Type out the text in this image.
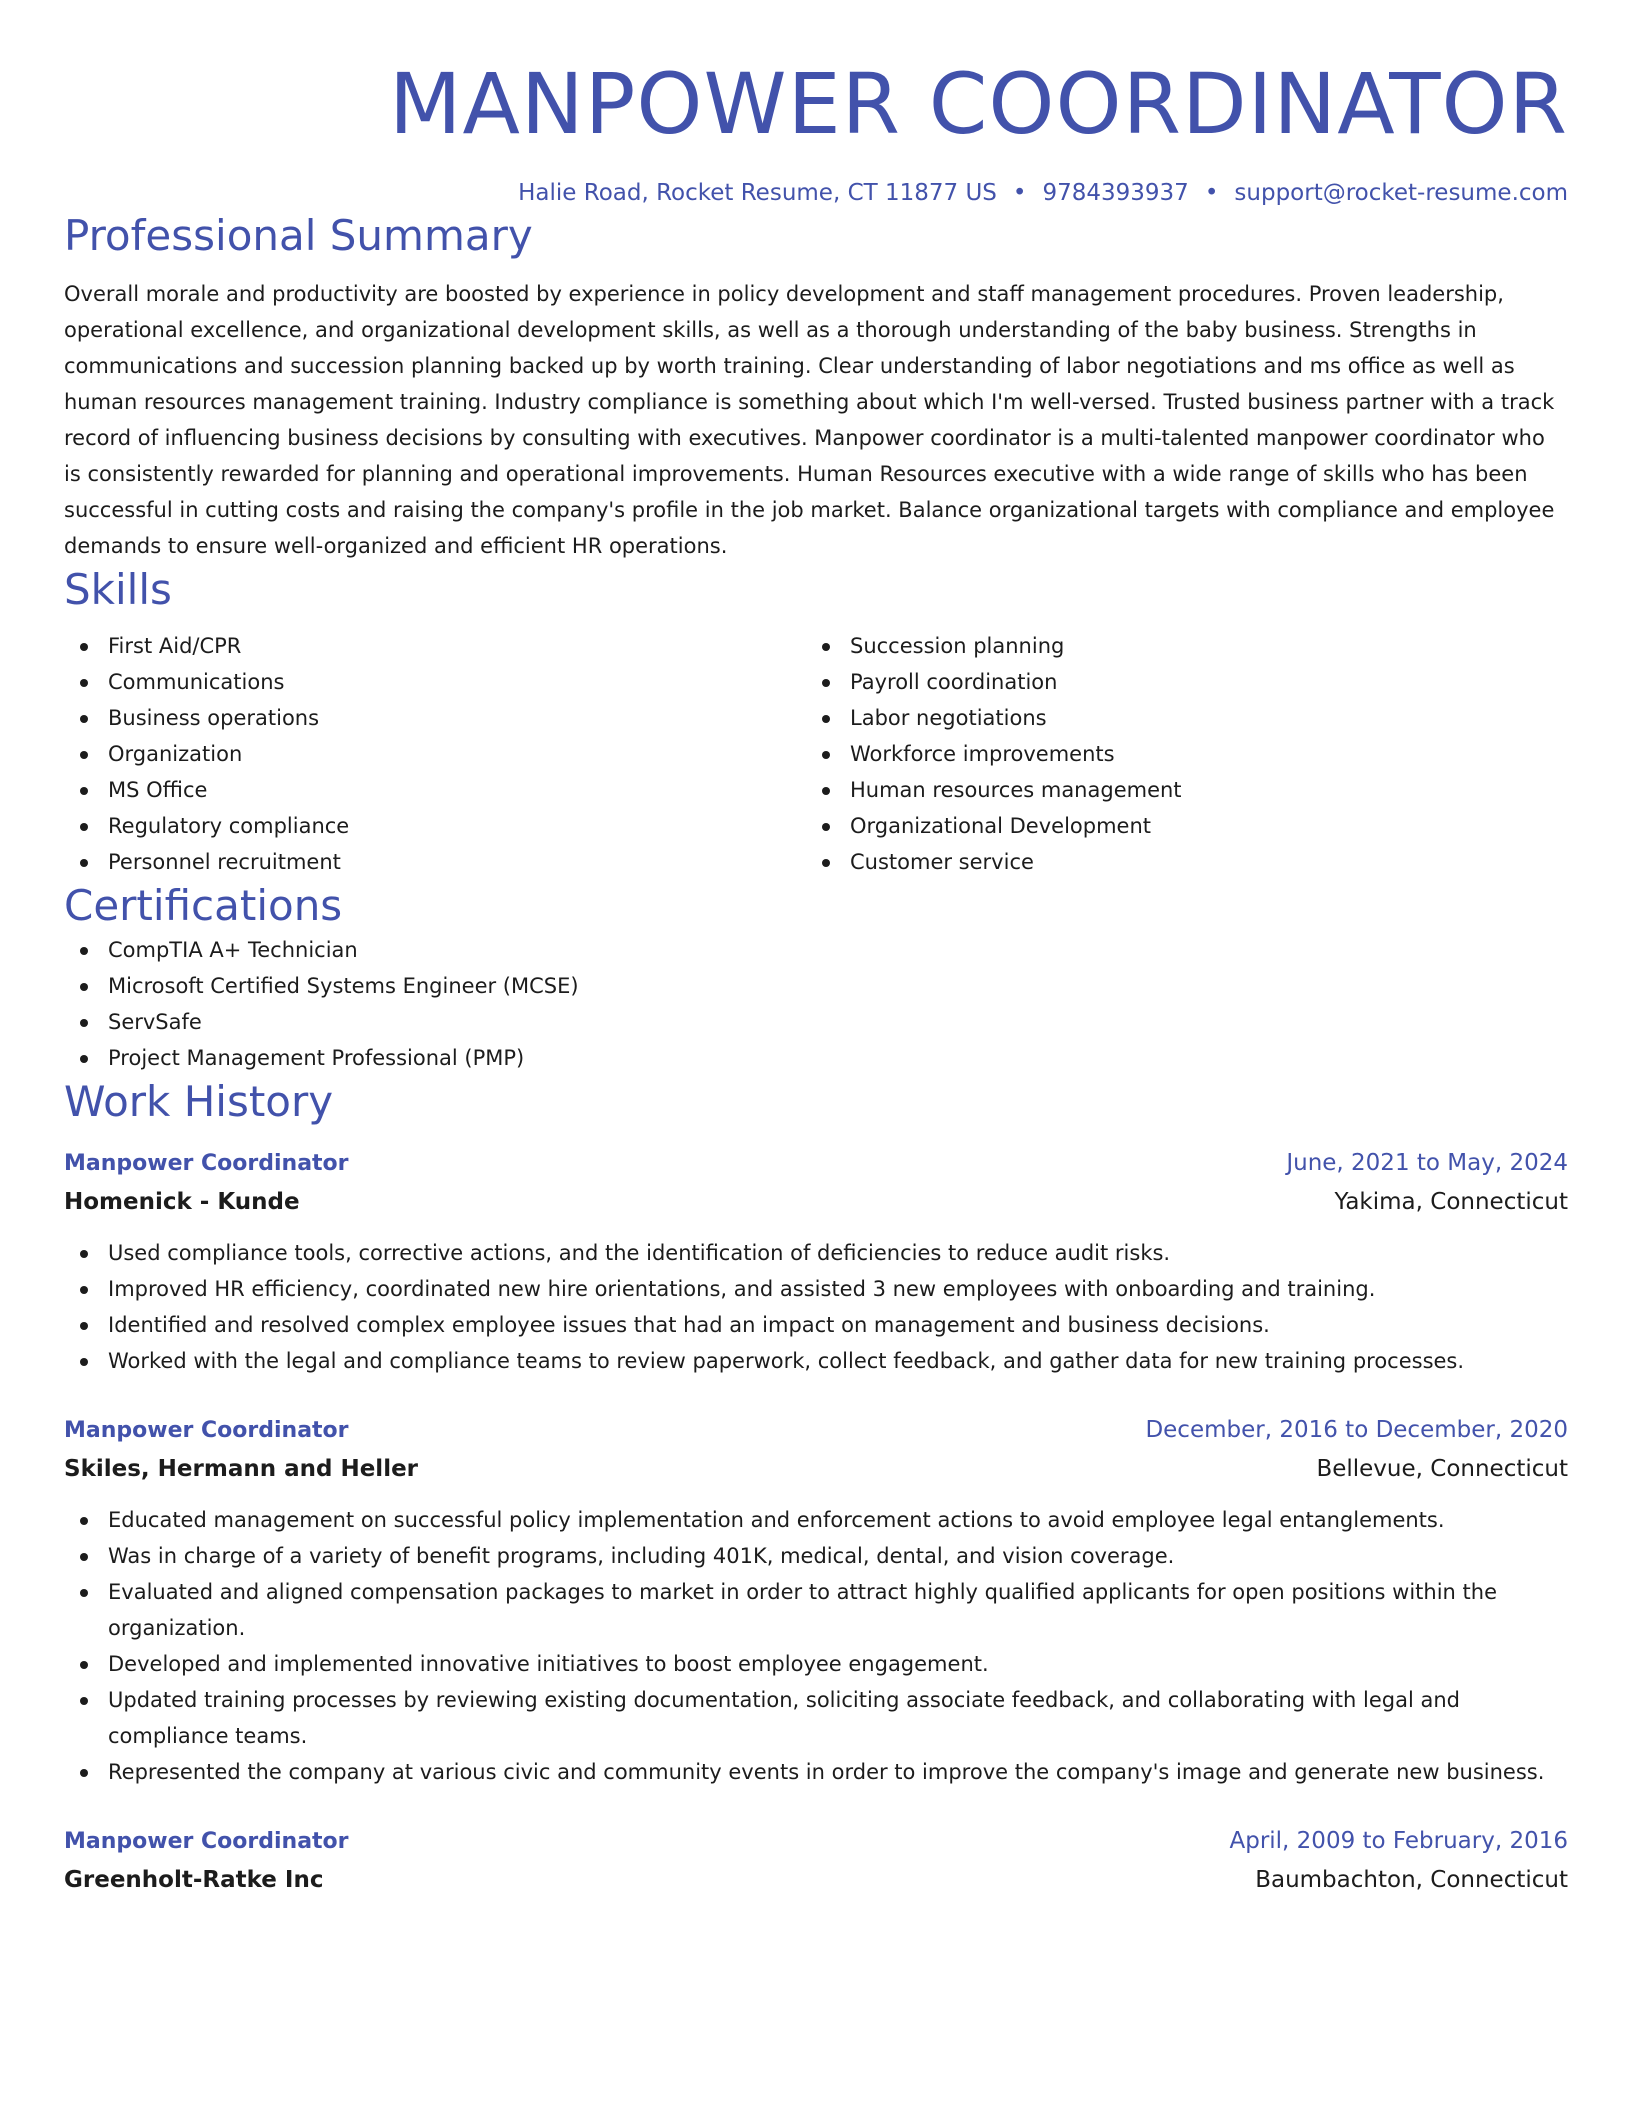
MANPOWER COORDINATOR
Halie Road, Rocket Resume, CT 11877 US • 9784393937 • support@rocket-resume.com
Professional Summary
Overall morale and productivity are boosted by experience in policy development and staff management procedures. Proven leadership, operational excellence, and organizational development skills, as well as a thorough understanding of the baby business. Strengths in communications and succession planning backed up by worth training. Clear understanding of labor negotiations and ms office as well as human resources management training. Industry compliance is something about which I'm well-versed. Trusted business partner with a track record of influencing business decisions by consulting with executives. Manpower coordinator is a multi-talented manpower coordinator who is consistently rewarded for planning and operational improvements. Human Resources executive with a wide range of skills who has been successful in cutting costs and raising the company's profile in the job market. Balance organizational targets with compliance and employee demands to ensure well-organized and efficient HR operations.
Skills
First Aid/CPR
Communications
Business operations
Organization
MS Office
Regulatory compliance
Personnel recruitment
Succession planning
Payroll coordination
Labor negotiations
Workforce improvements
Human resources management
Organizational Development
Customer service
Certifications
CompTIA A+ Technician
Microsoft Certified Systems Engineer (MCSE)
ServSafe
Project Management Professional (PMP)
Work History
Manpower Coordinator	June, 2021 to May, 2024
Homenick - Kunde	Yakima, Connecticut
Used compliance tools, corrective actions, and the identification of deficiencies to reduce audit risks.
Improved HR efficiency, coordinated new hire orientations, and assisted 3 new employees with onboarding and training.
Identified and resolved complex employee issues that had an impact on management and business decisions.
Worked with the legal and compliance teams to review paperwork, collect feedback, and gather data for new training processes.
Manpower Coordinator	December, 2016 to December, 2020
Skiles, Hermann and Heller	Bellevue, Connecticut
Educated management on successful policy implementation and enforcement actions to avoid employee legal entanglements.
Was in charge of a variety of benefit programs, including 401K, medical, dental, and vision coverage.
Evaluated and aligned compensation packages to market in order to attract highly qualified applicants for open positions within the organization.
Developed and implemented innovative initiatives to boost employee engagement.
Updated training processes by reviewing existing documentation, soliciting associate feedback, and collaborating with legal and compliance teams.
Represented the company at various civic and community events in order to improve the company's image and generate new business.
Manpower Coordinator	April, 2009 to February, 2016
Greenholt-Ratke Inc	Baumbachton, Connecticut
